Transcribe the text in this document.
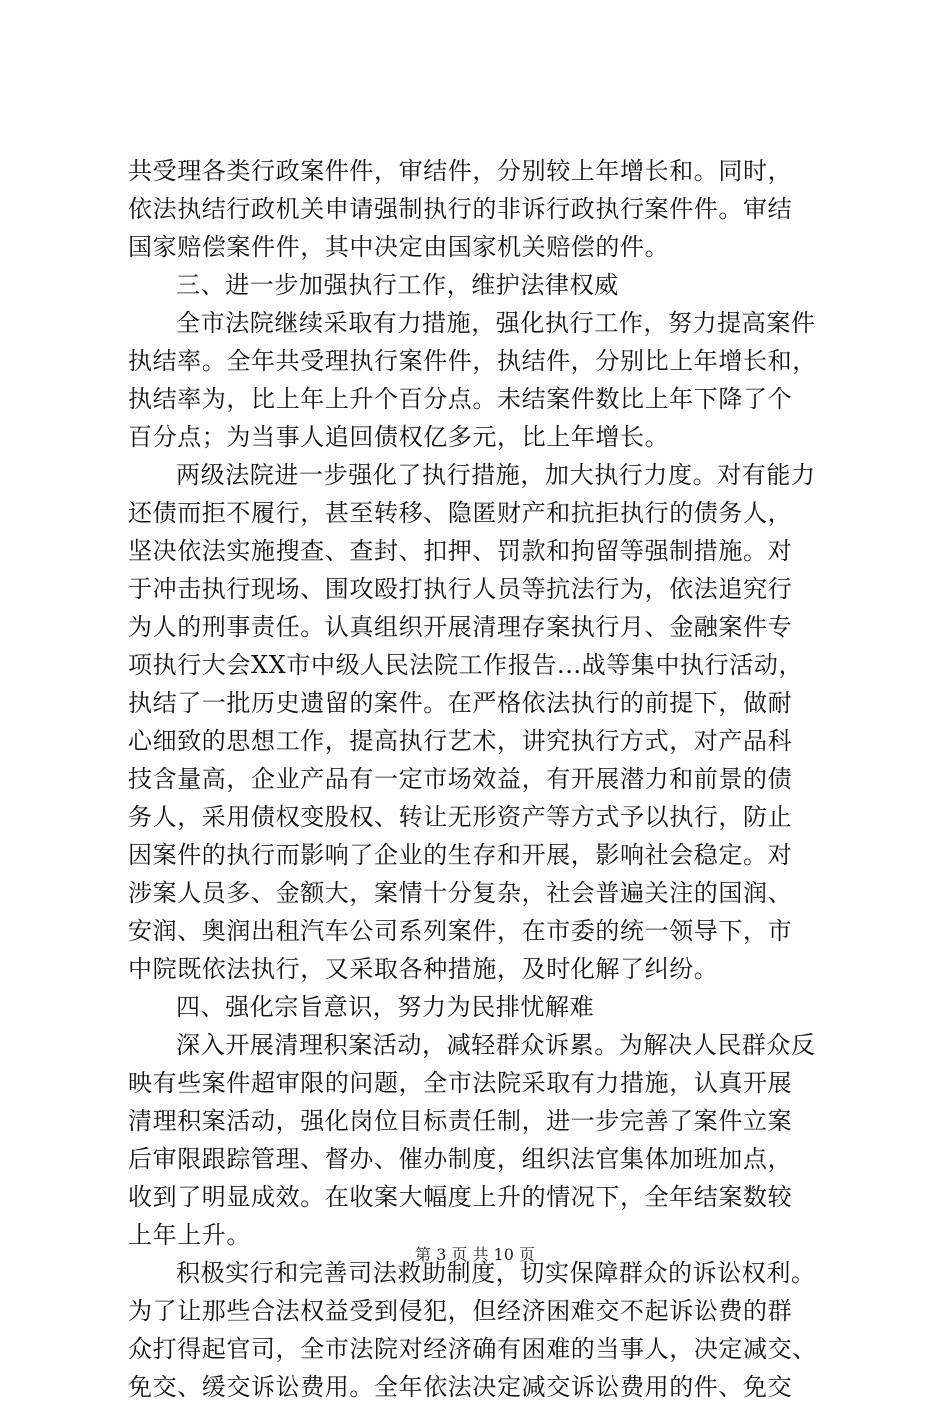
共受理各类行政案件件，审结件，分别较上年增长和。同时，
依法执结行政机关申请强制执行的非诉行政执行案件件。审结
国家赔偿案件件，其中决定由国家机关赔偿的件。
三、进一步加强执行工作，维护法律权威
全市法院继续采取有力措施，强化执行工作，努力提高案件
执结率。全年共受理执行案件件，执结件，分别比上年增长和，
执结率为，比上年上升个百分点。未结案件数比上年下降了个
百分点；为当事人追回债权亿多元，比上年增长。
两级法院进一步强化了执行措施，加大执行力度。对有能力
还债而拒不履行，甚至转移、隐匿财产和抗拒执行的债务人，
坚决依法实施搜查、查封、扣押、罚款和拘留等强制措施。对
于冲击执行现场、围攻殴打执行人员等抗法行为，依法追究行
为人的刑事责任。认真组织开展清理存案执行月、金融案件专
项执行大会XX市中级人民法院工作报告...战等集中执行活动，
执结了一批历史遗留的案件。在严格依法执行的前提下，做耐
心细致的思想工作，提高执行艺术，讲究执行方式，对产品科
技含量高，企业产品有一定市场效益，有开展潜力和前景的债
务人，采用债权变股权、转让无形资产等方式予以执行，防止
因案件的执行而影响了企业的生存和开展，影响社会稳定。对
涉案人员多、金额大，案情十分复杂，社会普遍关注的国润、
安润、奥润出租汽车公司系列案件，在市委的统一领导下，市
中院既依法执行，又采取各种措施，及时化解了纠纷。
四、强化宗旨意识，努力为民排忧解难
深入开展清理积案活动，减轻群众诉累。为解决人民群众反
映有些案件超审限的问题，全市法院采取有力措施，认真开展
清理积案活动，强化岗位目标责任制，进一步完善了案件立案
后审限跟踪管理、督办、催办制度，组织法官集体加班加点，
收到了明显成效。在收案大幅度上升的情况下，全年结案数较
上年上升。
积极实行和完善司法救助制度，切实保障群众的诉讼权利。
为了让那些合法权益受到侵犯，但经济困难交不起诉讼费的群
众打得起官司，全市法院对经济确有困难的当事人，决定减交、
免交、缓交诉讼费用。全年依法决定减交诉讼费用的件、免交
第 3 页 共 10 页
